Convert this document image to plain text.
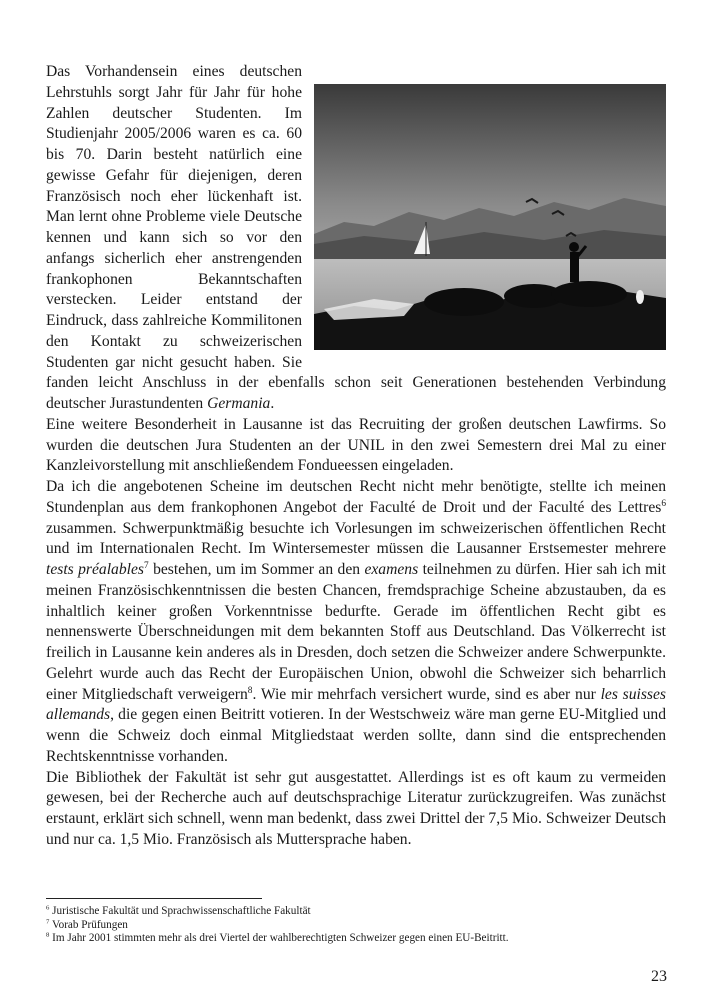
Das Vorhandensein eines deutschen Lehrstuhls sorgt Jahr für Jahr für hohe Zahlen deutscher Studenten. Im Studienjahr 2005/2006 waren es ca. 60 bis 70. Darin besteht natürlich eine gewisse Gefahr für diejenigen, deren Französisch noch eher lückenhaft ist. Man lernt ohne Probleme viele Deutsche kennen und kann sich so vor den anfangs sicherlich eher anstrengenden frankophonen Bekanntschaften verstecken. Leider entstand der Eindruck, dass zahlreiche Kommilitonen den Kontakt zu schweizerischen Studenten gar nicht gesucht haben. Sie fanden leicht Anschluss in der ebenfalls schon seit Generationen bestehenden Verbindung deutscher Jurastundenten Germania.

Eine weitere Besonderheit in Lausanne ist das Recruiting der großen deutschen Lawfirms. So wurden die deutschen Jura Studenten an der UNIL in den zwei Semestern drei Mal zu einer Kanzleivorstellung mit anschließendem Fondueessen eingeladen.

Da ich die angebotenen Scheine im deutschen Recht nicht mehr benötigte, stellte ich meinen Stundenplan aus dem frankophonen Angebot der Faculté de Droit und der Faculté des Lettres$^6$ zusammen. Schwerpunktmäßig besuchte ich Vorlesungen im schweizerischen öffentlichen Recht und im Internationalen Recht. Im Wintersemester müssen die Lausanner Erstsemester mehrere tests préalables$^7$ bestehen, um im Sommer an den examens teilnehmen zu dürfen. Hier sah ich mit meinen Französischkenntnissen die besten Chancen, fremdsprachige Scheine abzustauben, da es inhaltlich keiner großen Vorkenntnisse bedurfte. Gerade im öffentlichen Recht gibt es nennenswerte Überschneidungen mit dem bekannten Stoff aus Deutschland. Das Völkerrecht ist freilich in Lausanne kein anderes als in Dresden, doch setzen die Schweizer andere Schwerpunkte. Gelehrt wurde auch das Recht der Europäischen Union, obwohl die Schweizer sich beharrlich einer Mitgliedschaft verweigern$^8$. Wie mir mehrfach versichert wurde, sind es aber nur les suisses allemands, die gegen einen Beitritt votieren. In der Westschweiz wäre man gerne EU-Mitglied und wenn die Schweiz doch einmal Mitgliedstaat werden sollte, dann sind die entsprechenden Rechtskenntnisse vorhanden.

Die Bibliothek der Fakultät ist sehr gut ausgestattet. Allerdings ist es oft kaum zu vermeiden gewesen, bei der Recherche auch auf deutschsprachige Literatur zurückzugreifen. Was zunächst erstaunt, erklärt sich schnell, wenn man bedenkt, dass zwei Drittel der 7,5 Mio. Schweizer Deutsch und nur ca. 1,5 Mio. Französisch als Muttersprache haben.

$^6$ Juristische Fakultät und Sprachwissenschaftliche Fakultät

$^7$ Vorab Prüfungen

$^8$ Im Jahr 2001 stimmten mehr als drei Viertel der wahlberechtigten Schweizer gegen einen EU-Beitritt.

23
